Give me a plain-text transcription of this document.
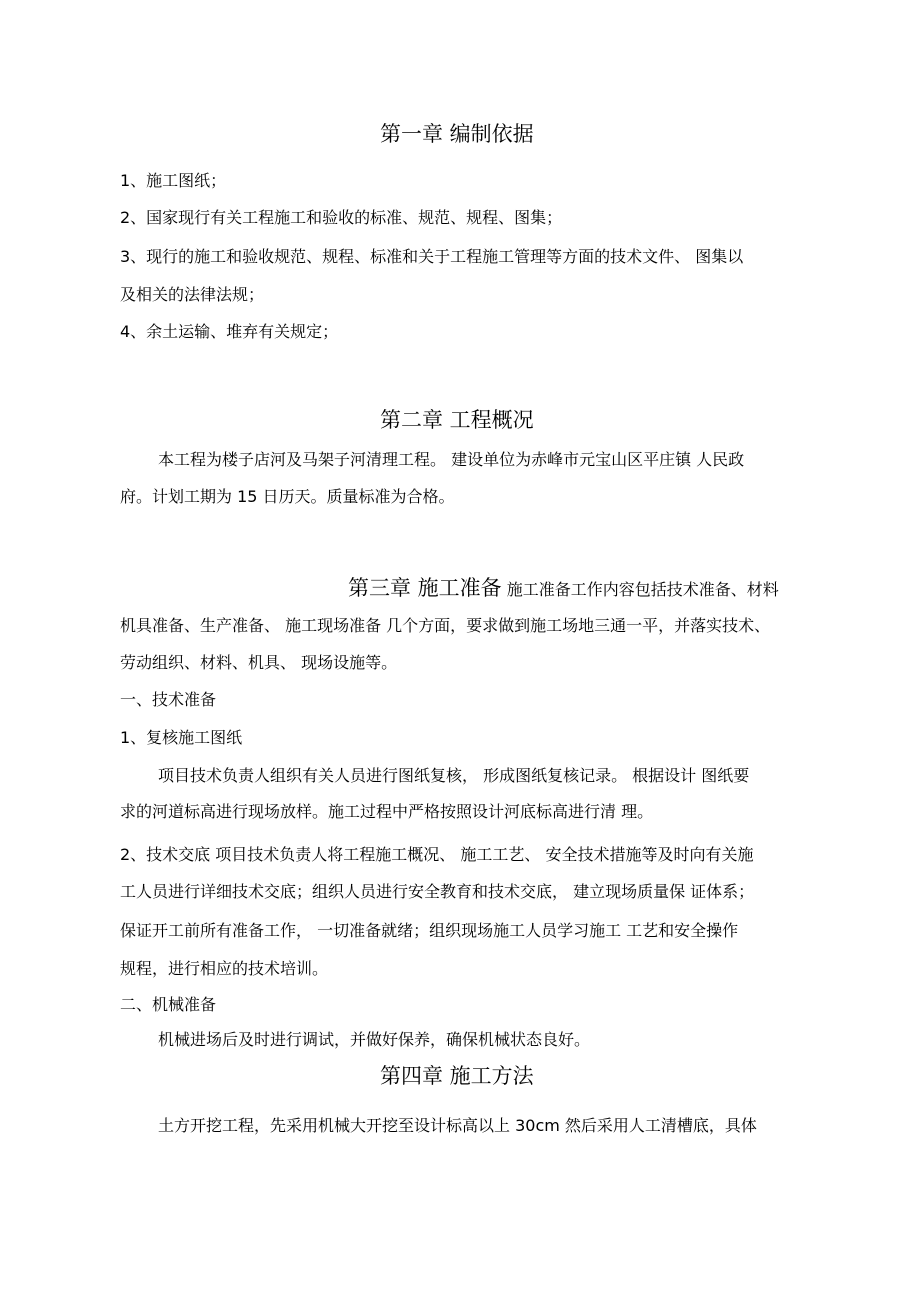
第一章 编制依据
1、施工图纸；
2、国家现行有关工程施工和验收的标准、规范、规程、图集；
3、现行的施工和验收规范、规程、标准和关于工程施工管理等方面的技术文件、 图集以
及相关的法律法规；
4、余土运输、堆弃有关规定；
第二章 工程概况
本工程为楼子店河及马架子河清理工程。 建设单位为赤峰市元宝山区平庄镇 人民政
府。计划工期为 15 日历天。质量标准为合格。
第三章 施工准备 施工准备工作内容包括技术准备、材料
机具准备、生产准备、 施工现场准备 几个方面，要求做到施工场地三通一平，并落实技术、
劳动组织、材料、机具、 现场设施等。
一、技术准备
1、复核施工图纸
项目技术负责人组织有关人员进行图纸复核， 形成图纸复核记录。 根据设计 图纸要
求的河道标高进行现场放样。施工过程中严格按照设计河底标高进行清 理。
2、技术交底 项目技术负责人将工程施工概况、 施工工艺、 安全技术措施等及时向有关施
工人员进行详细技术交底；组织人员进行安全教育和技术交底， 建立现场质量保 证体系；
保证开工前所有准备工作， 一切准备就绪；组织现场施工人员学习施工 工艺和安全操作
规程，进行相应的技术培训。
二、机械准备
机械进场后及时进行调试，并做好保养，确保机械状态良好。
第四章 施工方法
土方开挖工程，先采用机械大开挖至设计标高以上 30cm 然后采用人工清槽底，具体
